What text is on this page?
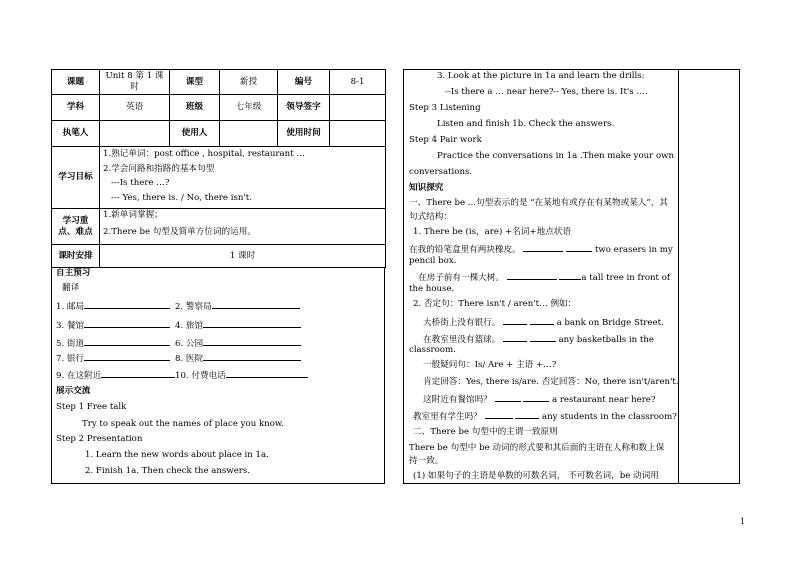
课题	Unit 8 第 1 课时	课型	新授	编号	8-1
学科	英语	班级	七年级	领导签字	
执笔人		使用人		使用时间	
学习目标	1.熟记单词：post office , hospital, restaurant …
2.学会问路和指路的基本句型
---Is there …?
--- Yes, there is. / No, there isn't.				

学习重点、难点	1.新单词掌握；
2.There be 句型及简单方位词的运用。				

课时安排	1 课时				
自主预习
翻译
1. 邮局	2. 警察局
3. 餐馆	4. 旅馆
5. 街道	6. 公园
7. 银行	8. 医院
9. 在这附近	10. 付费电话
展示交流
Step 1 Free talk
Try to speak out the names of place you know.
Step 2 Presentation
1. Learn the new words about place in 1a.
2. Finish 1a. Then check the answers.
3. Look at the picture in 1a and learn the drills:
--Is there a … near here? -- Yes, there is. It's ….
Step 3 Listening
Listen and finish 1b. Check the answers.
Step 4 Pair work
Practice the conversations in 1a .Then make your own
conversations.
知识探究
一、There be ...句型表示的是 “在某地有或存在有某物或某人”，其
句式结构：
1. There be (is，are) +名词+地点状语
在我的铅笔盒里有两块橡皮。	two erasers in my
pencil box.
在房子前有一棵大树。	a tall tree in front of
the house.
2. 否定句：There isn't / aren't… 例如：
大桥街上没有银行。	a bank on Bridge Street.
在教室里没有篮球。	any basketballs in the
classroom.
一般疑问句：Is/ Are + 主语 +…?
肯定回答：Yes, there is/are. 否定回答：No, there isn't/aren't.
这附近有餐馆吗？	a restaurant near here?
教室里有学生吗？	any students in the classroom?
二、There be 句型中的主谓一致原则
There be 句型中 be 动词的形式要和其后面的主语在人称和数上保
持一致。
(1) 如果句子的主语是单数的可数名词， 不可数名词，be 动词用
1
